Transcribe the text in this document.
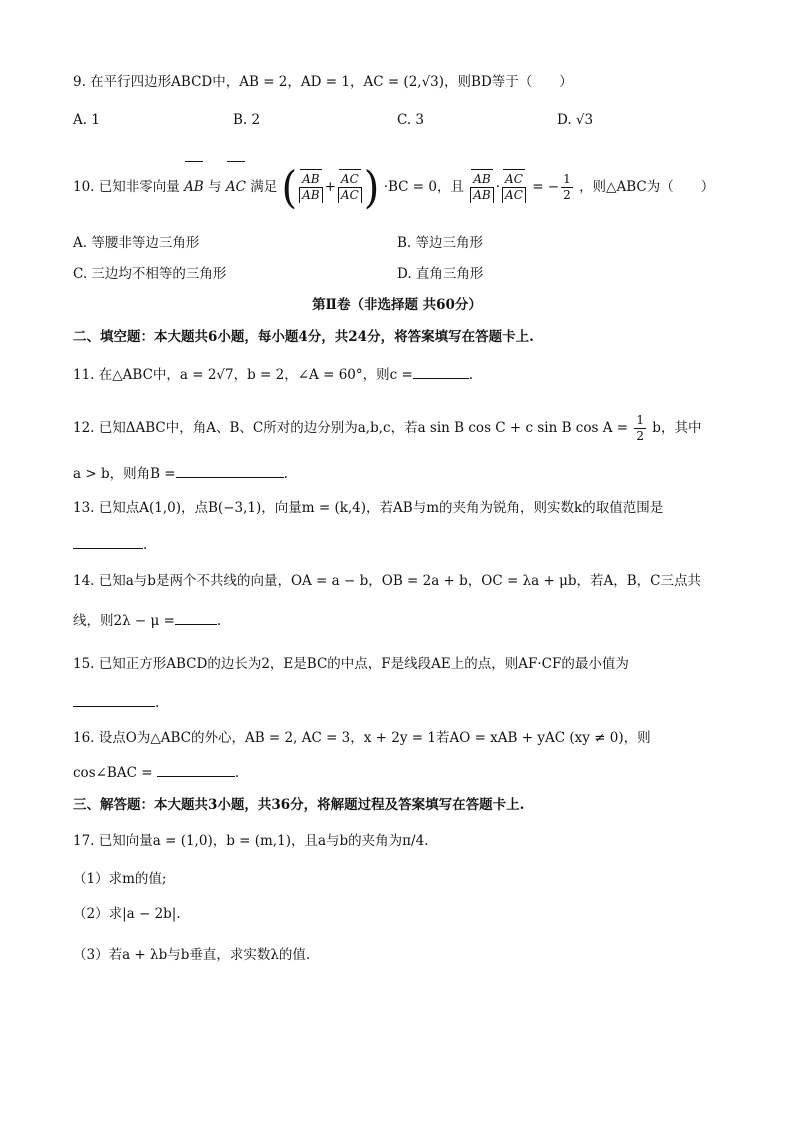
9. 在平行四边形ABCD中，AB = 2，AD = 1，AC = (2,√3)，则BD等于（　　）
A. 1	B. 2	C. 3	D. √3
10. 已知非零向量 AB 与 AC 满足 ( $\frac{AB}{AB} + \frac{AC}{AC}$ ) ·BC = 0，且 $\frac{AB}{AB} \cdot \frac{AC}{AC}$ = − $\frac{1}{2}$ ，则△ABC为（　　）
A. 等腰非等边三角形	B. 等边三角形
C. 三边均不相等的三角形	D. 直角三角形
第Ⅱ卷（非选择题 共60分）
二、填空题：本大题共6小题，每小题4分，共24分，将答案填写在答题卡上.
11. 在△ABC中，a = 2√7，b = 2，∠A = 60°，则c =	.
12. 已知ΔABC中，角A、B、C所对的边分别为a,b,c，若a sin B cos C + c sin B $\cos A = \frac{1}{2}$ b，其中
a > b，则角B =	.
13. 已知点A(1,0)，点B(−3,1)，向量m = (k,4)，若AB与m的夹角为锐角，则实数k的取值范围是
.
14. 已知a与b是两个不共线的向量，OA = a − b，OB = 2a + b，OC = λa + μb，若A，B，C三点共
线，则2λ − μ =	.
15. 已知正方形ABCD的边长为2，E是BC的中点，F是线段AE上的点，则AF·CF的最小值为
.
16. 设点O为△ABC的外心，AB = 2, AC = 3，x + 2y = 1若AO = xAB + yAC (xy ≠ 0)，则
cos∠BAC =	.
三、解答题：本大题共3小题，共36分，将解题过程及答案填写在答题卡上.
17. 已知向量a = (1,0)，b = (m,1)，且a与b的夹角为π/4.
（1）求m的值;
（2）求|a − 2b|.
（3）若a + λb与b垂直，求实数λ的值.
